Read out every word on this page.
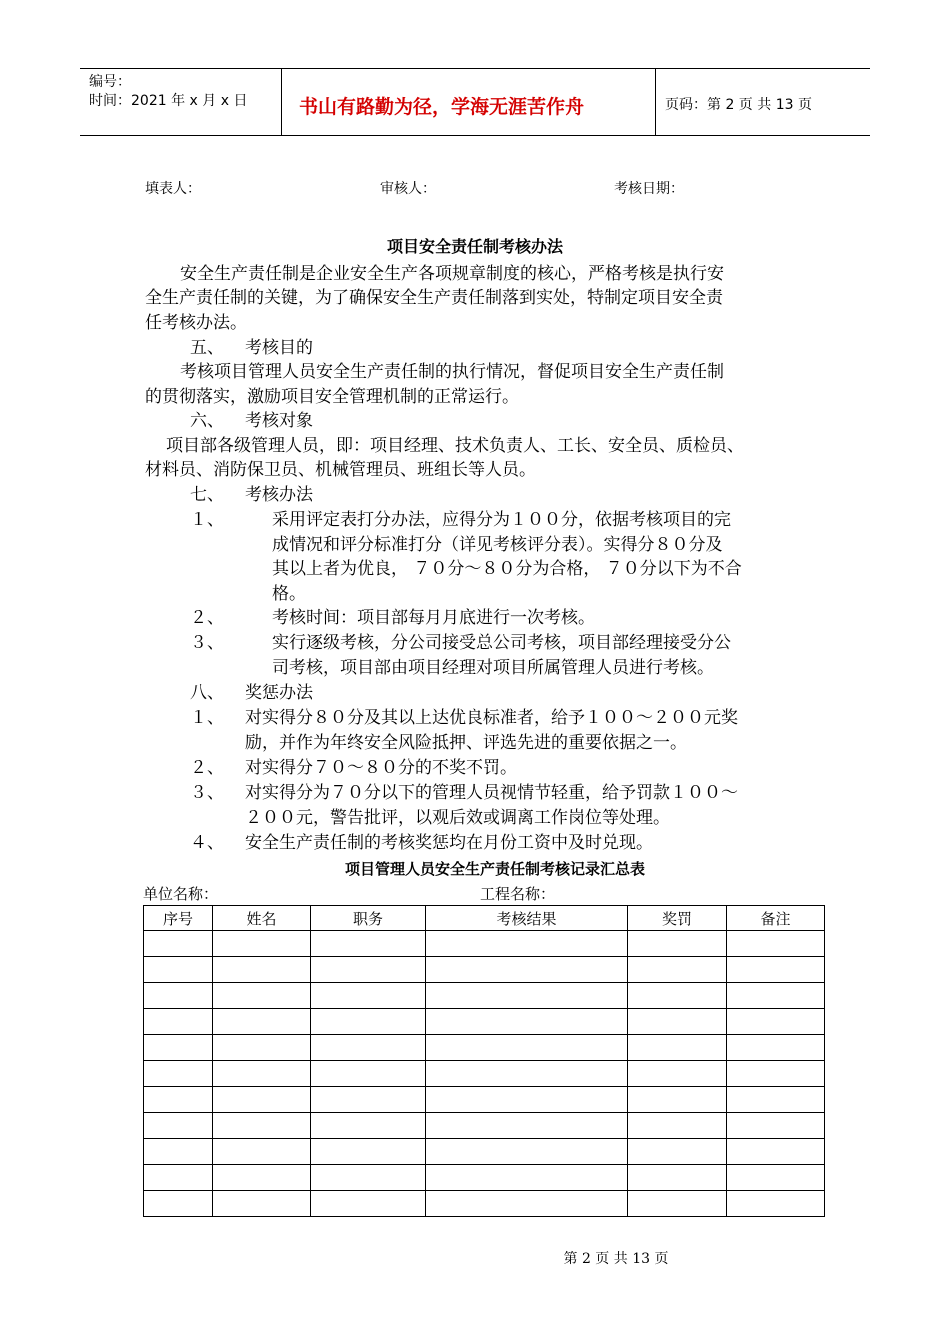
编号：
时间：2021 年 x 月 x 日	书山有路勤为径，学海无涯苦作舟	页码：第 2 页 共 13 页
填表人：	审核人：	考核日期：
项目安全责任制考核办法
安全生产责任制是企业安全生产各项规章制度的核心，严格考核是执行安
全生产责任制的关键，为了确保安全生产责任制落到实处，特制定项目安全责
任考核办法。
五、 考核目的
考核项目管理人员安全生产责任制的执行情况，督促项目安全生产责任制
的贯彻落实，激励项目安全管理机制的正常运行。
六、 考核对象
项目部各级管理人员，即：项目经理、技术负责人、工长、安全员、质检员、
材料员、消防保卫员、机械管理员、班组长等人员。
七、 考核办法
１、	采用评定表打分办法，应得分为１００分，依据考核项目的完
成情况和评分标准打分（详见考核评分表）。实得分８０分及
其以上者为优良， ７０分～８０分为合格， ７０分以下为不合
格。
２、	考核时间：项目部每月月底进行一次考核。
３、	实行逐级考核，分公司接受总公司考核，项目部经理接受分公
司考核，项目部由项目经理对项目所属管理人员进行考核。
八、 奖惩办法
１、 对实得分８０分及其以上达优良标准者，给予１００～２００元奖
励，并作为年终安全风险抵押、评选先进的重要依据之一。
２、 对实得分７０～８０分的不奖不罚。
３、 对实得分为７０分以下的管理人员视情节轻重，给予罚款１００～
２００元，警告批评，以观后效或调离工作岗位等处理。
４、 安全生产责任制的考核奖惩均在月份工资中及时兑现。
项目管理人员安全生产责任制考核记录汇总表
单位名称：	工程名称：
序号	姓名	职务	考核结果	奖罚	备注

第 2 页 共 13 页
